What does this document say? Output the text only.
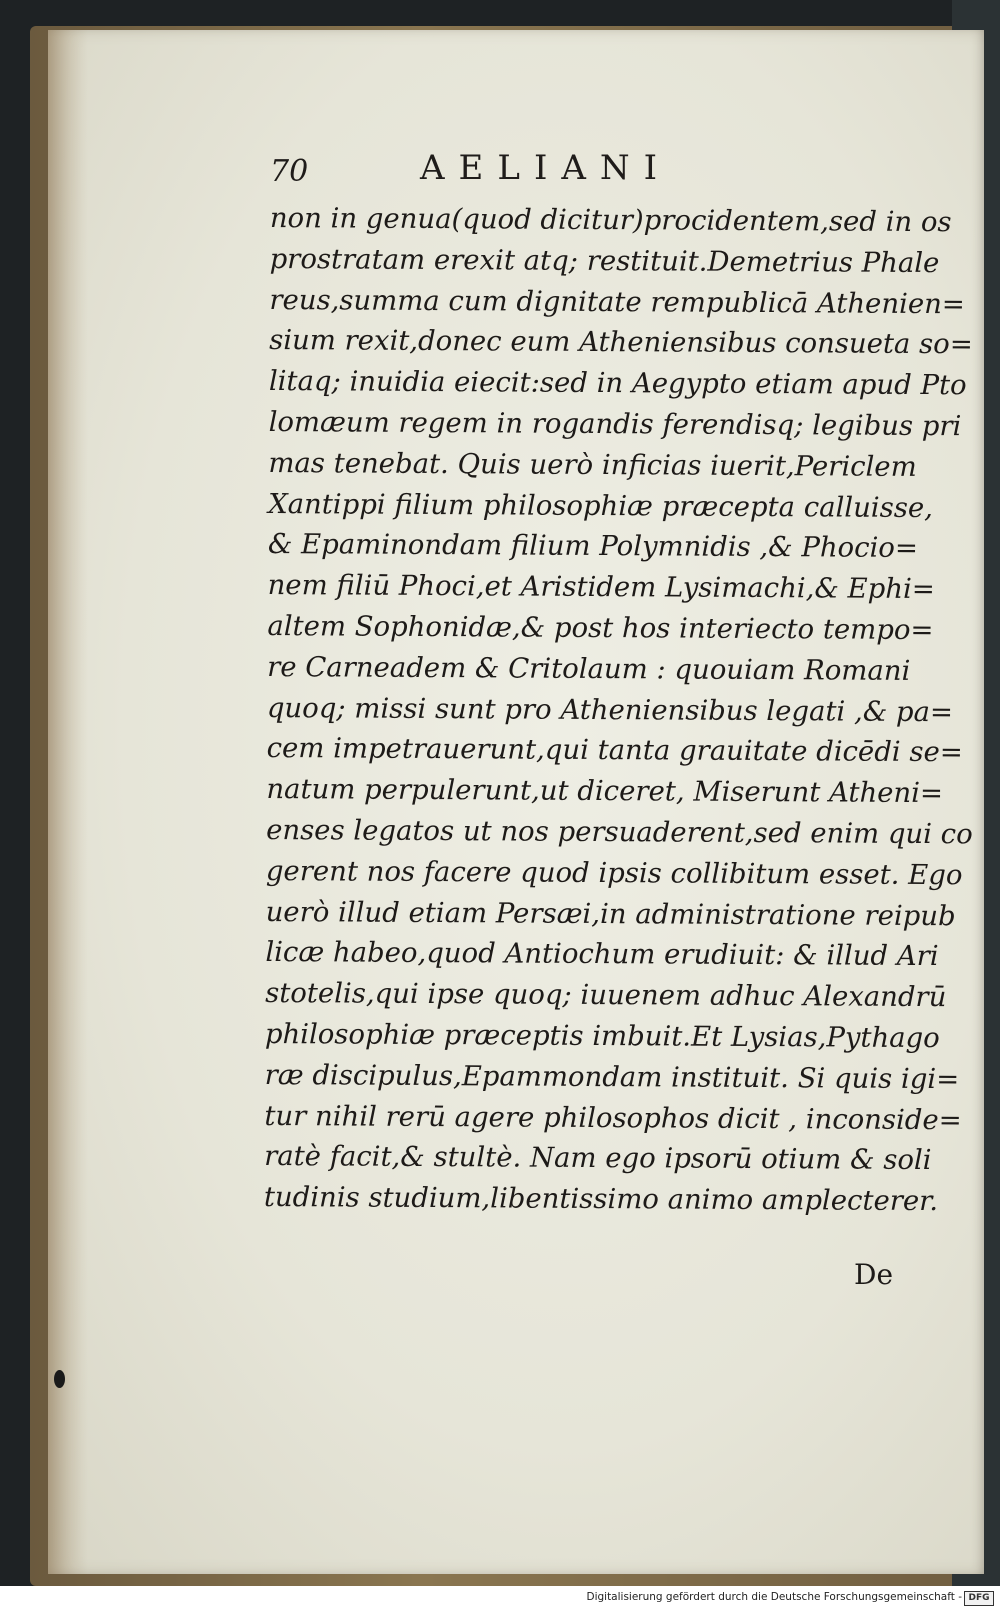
70	AELIANI
non in genua(quod dicitur)procidentem,sed in os
prostratam erexit atq; restituit.Demetrius Phale
reus,summa cum dignitate rempublicā Athenien=
sium rexit,donec eum Atheniensibus consueta so=
litaq; inuidia eiecit:sed in Aegypto etiam apud Pto
lomæum regem in rogandis ferendisq; legibus pri
mas tenebat. Quis uerò inficias iuerit,Periclem
Xantippi filium philosophiæ præcepta calluisse,
& Epaminondam filium Polymnidis ,& Phocio=
nem filiū Phoci,et Aristidem Lysimachi,& Ephi=
altem Sophonidæ,& post hos interiecto tempo=
re Carneadem & Critolaum : quouiam Romani
quoq; missi sunt pro Atheniensibus legati ,& pa=
cem impetrauerunt,qui tanta grauitate dicēdi se=
natum perpulerunt,ut diceret, Miserunt Atheni=
enses legatos ut nos persuaderent,sed enim qui co
gerent nos facere quod ipsis collibitum esset. Ego
uerò illud etiam Persæi,in administratione reipub
licæ habeo,quod Antiochum erudiuit: & illud Ari
stotelis,qui ipse quoq; iuuenem adhuc Alexandrū
philosophiæ præceptis imbuit.Et Lysias,Pythago
ræ discipulus,Epammondam instituit. Si quis igi=
tur nihil rerū agere philosophos dicit , inconside=
ratè facit,& stultè. Nam ego ipsorū otium & soli
tudinis studium,libentissimo animo amplecterer.
De
Digitalisierung gefördert durch die Deutsche Forschungsgemeinschaft - DFG
